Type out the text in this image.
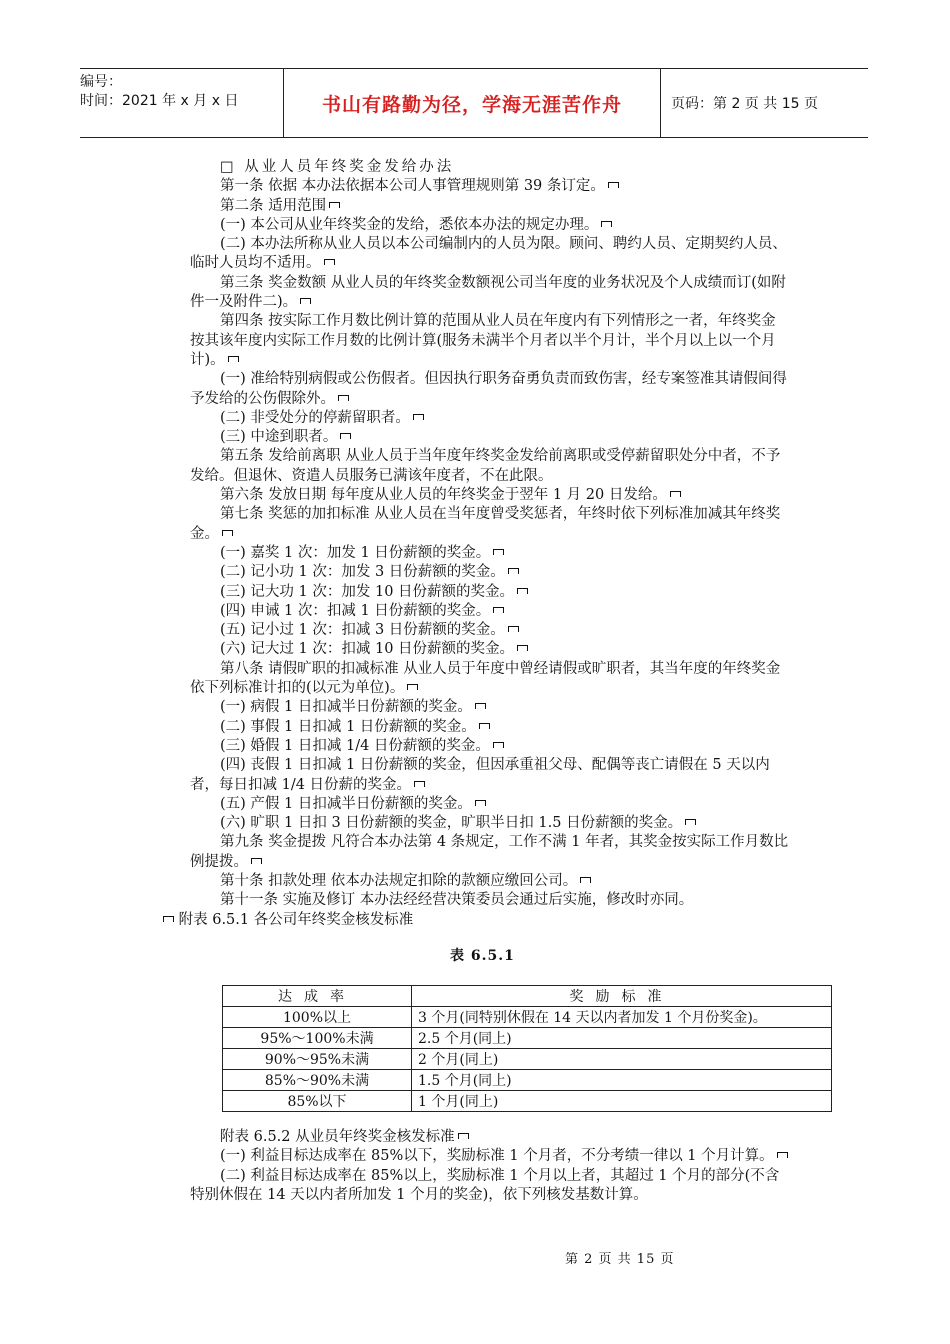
编号：
时间：2021 年 x 月 x 日	书山有路勤为径，学海无涯苦作舟	页码：第 2 页 共 15 页

□ 从业人员年终奖金发给办法

第一条 依据 本办法依据本公司人事管理规则第 39 条订定。

第二条 适用范围

(一) 本公司从业年终奖金的发给，悉依本办法的规定办理。

(二) 本办法所称从业人员以本公司编制内的人员为限。顾问、聘约人员、定期契约人员、临时人员均不适用。

第三条 奖金数额 从业人员的年终奖金数额视公司当年度的业务状况及个人成绩而订(如附件一及附件二)。

第四条 按实际工作月数比例计算的范围从业人员在年度内有下列情形之一者，年终奖金按其该年度内实际工作月数的比例计算(服务未满半个月者以半个月计，半个月以上以一个月计)。

(一) 准给特别病假或公伤假者。但因执行职务奋勇负责而致伤害，经专案签准其请假间得予发给的公伤假除外。

(二) 非受处分的停薪留职者。

(三) 中途到职者。

第五条 发给前离职 从业人员于当年度年终奖金发给前离职或受停薪留职处分中者，不予发给。但退休、资遣人员服务已满该年度者，不在此限。

第六条 发放日期 每年度从业人员的年终奖金于翌年 1 月 20 日发给。

第七条 奖惩的加扣标准 从业人员在当年度曾受奖惩者，年终时依下列标准加减其年终奖金。

(一) 嘉奖 1 次：加发 1 日份薪额的奖金。

(二) 记小功 1 次：加发 3 日份薪额的奖金。

(三) 记大功 1 次：加发 10 日份薪额的奖金。

(四) 申诫 1 次：扣减 1 日份薪额的奖金。

(五) 记小过 1 次：扣减 3 日份薪额的奖金。

(六) 记大过 1 次：扣减 10 日份薪额的奖金。

第八条 请假旷职的扣减标准 从业人员于年度中曾经请假或旷职者，其当年度的年终奖金依下列标准计扣的(以元为单位)。

(一) 病假 1 日扣减半日份薪额的奖金。

(二) 事假 1 日扣减 1 日份薪额的奖金。

(三) 婚假 1 日扣减 1/4 日份薪额的奖金。

(四) 丧假 1 日扣减 1 日份薪额的奖金，但因承重祖父母、配偶等丧亡请假在 5 天以内者，每日扣减 1/4 日份薪的奖金。

(五) 产假 1 日扣减半日份薪额的奖金。

(六) 旷职 1 日扣 3 日份薪额的奖金，旷职半日扣 1.5 日份薪额的奖金。

第九条 奖金提拨 凡符合本办法第 4 条规定，工作不满 1 年者，其奖金按实际工作月数比例提拨。

第十条 扣款处理 依本办法规定扣除的款额应缴回公司。

第十一条 实施及修订 本办法经经营决策委员会通过后实施，修改时亦同。

附表 6.5.1 各公司年终奖金核发标准

表 6.5.1
达成率	奖励标准
100%以上	3 个月(同特别休假在 14 天以内者加发 1 个月份奖金)。
95%～100%未满	2.5 个月(同上)
90%～95%未满	2 个月(同上)
85%～90%未满	1.5 个月(同上)
85%以下	1 个月(同上)

附表 6.5.2 从业员年终奖金核发标准

(一) 利益目标达成率在 85%以下，奖励标准 1 个月者，不分考绩一律以 1 个月计算。

(二) 利益目标达成率在 85%以上，奖励标准 1 个月以上者，其超过 1 个月的部分(不含特别休假在 14 天以内者所加发 1 个月的奖金)，依下列核发基数计算。

第 2 页 共 15 页
